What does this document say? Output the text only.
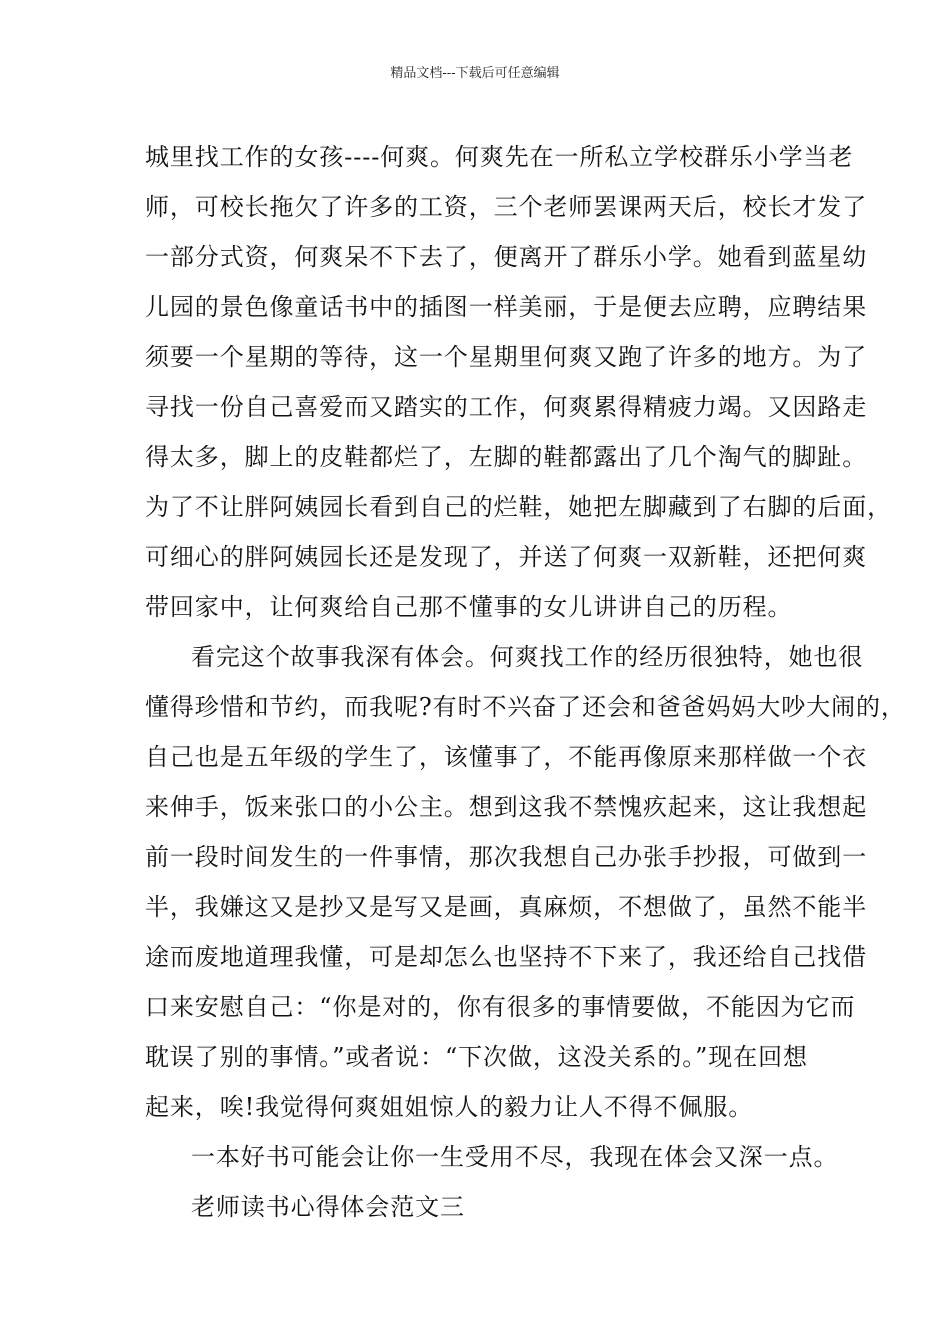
精品文档---下载后可任意编辑
城里找工作的女孩----何爽。何爽先在一所私立学校群乐小学当老
师，可校长拖欠了许多的工资，三个老师罢课两天后，校长才发了
一部分式资，何爽呆不下去了，便离开了群乐小学。她看到蓝星幼
儿园的景色像童话书中的插图一样美丽，于是便去应聘，应聘结果
须要一个星期的等待，这一个星期里何爽又跑了许多的地方。为了
寻找一份自己喜爱而又踏实的工作，何爽累得精疲力竭。又因路走
得太多，脚上的皮鞋都烂了，左脚的鞋都露出了几个淘气的脚趾。
为了不让胖阿姨园长看到自己的烂鞋，她把左脚藏到了右脚的后面，
可细心的胖阿姨园长还是发现了，并送了何爽一双新鞋，还把何爽
带回家中，让何爽给自己那不懂事的女儿讲讲自己的历程。
看完这个故事我深有体会。何爽找工作的经历很独特，她也很
懂得珍惜和节约，而我呢?有时不兴奋了还会和爸爸妈妈大吵大闹的，
自己也是五年级的学生了，该懂事了，不能再像原来那样做一个衣
来伸手，饭来张口的小公主。想到这我不禁愧疚起来，这让我想起
前一段时间发生的一件事情，那次我想自己办张手抄报，可做到一
半，我嫌这又是抄又是写又是画，真麻烦，不想做了，虽然不能半
途而废地道理我懂，可是却怎么也坚持不下来了，我还给自己找借
口来安慰自己：“你是对的，你有很多的事情要做，不能因为它而
耽误了别的事情。”或者说：“下次做，这没关系的。”现在回想
起来，唉!我觉得何爽姐姐惊人的毅力让人不得不佩服。
一本好书可能会让你一生受用不尽，我现在体会又深一点。
老师读书心得体会范文三
